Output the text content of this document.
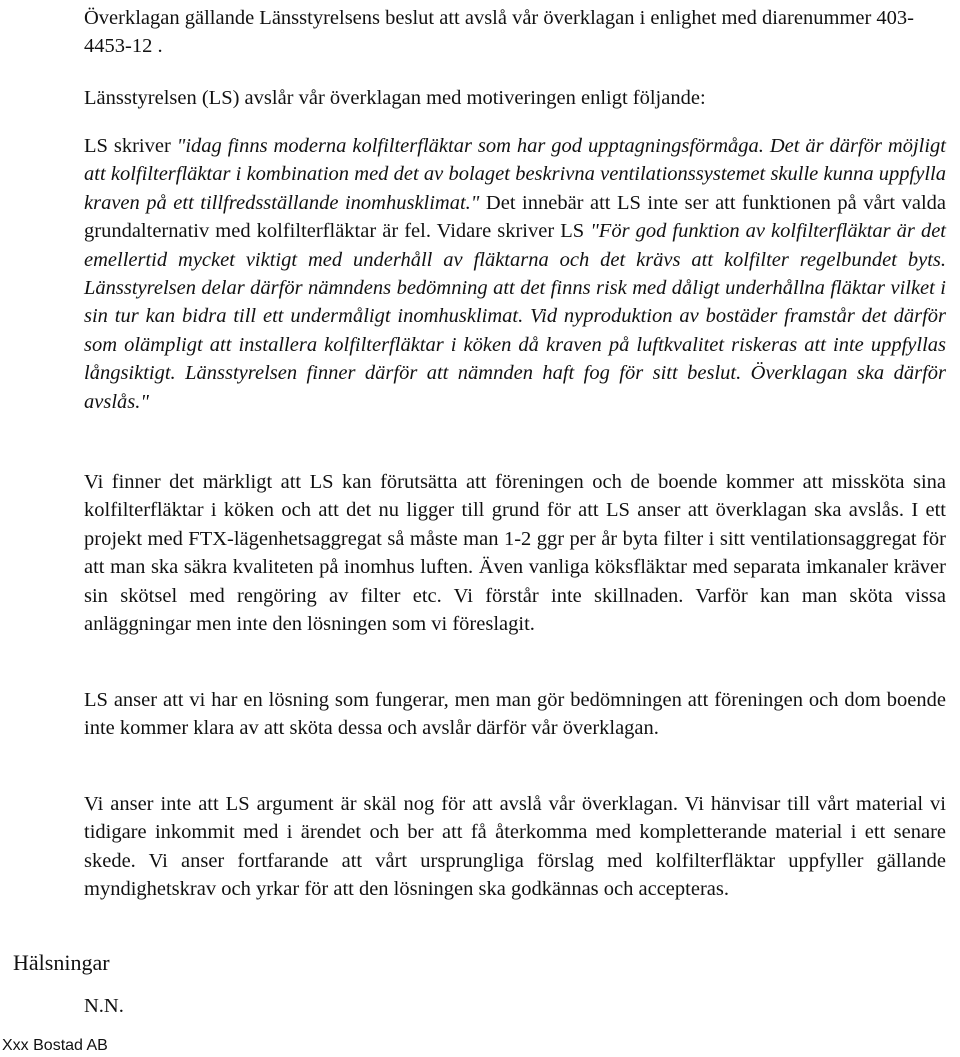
Överklagan gällande Länsstyrelsens beslut att avslå vår överklagan i enlighet med diarenummer 403-4453-12 .

Länsstyrelsen (LS) avslår vår överklagan med motiveringen enligt följande:

LS skriver "idag finns moderna kolfilterfläktar som har god upptagningsförmåga. Det är därför möjligt att kolfilterfläktar i kombination med det av bolaget beskrivna ventilationssystemet skulle kunna uppfylla kraven på ett tillfredsställande inomhusklimat." Det innebär att LS inte ser att funktionen på vårt valda grundalternativ med kolfilterfläktar är fel. Vidare skriver LS "För god funktion av kolfilterfläktar är det emellertid mycket viktigt med underhåll av fläktarna och det krävs att kolfilter regelbundet byts. Länsstyrelsen delar därför nämndens bedömning att det finns risk med dåligt underhållna fläktar vilket i sin tur kan bidra till ett undermåligt inomhusklimat. Vid nyproduktion av bostäder framstår det därför som olämpligt att installera kolfilterfläktar i köken då kraven på luftkvalitet riskeras att inte uppfyllas långsiktigt. Länsstyrelsen finner därför att nämnden haft fog för sitt beslut. Överklagan ska därför avslås."

Vi finner det märkligt att LS kan förutsätta att föreningen och de boende kommer att missköta sina kolfilterfläktar i köken och att det nu ligger till grund för att LS anser att överklagan ska avslås. I ett projekt med FTX-lägenhetsaggregat så måste man 1-2 ggr per år byta filter i sitt ventilationsaggregat för att man ska säkra kvaliteten på inomhus luften. Även vanliga köksfläktar med separata imkanaler kräver sin skötsel med rengöring av filter etc. Vi förstår inte skillnaden. Varför kan man sköta vissa anläggningar men inte den lösningen som vi föreslagit.

LS anser att vi har en lösning som fungerar, men man gör bedömningen att föreningen och dom boende inte kommer klara av att sköta dessa och avslår därför vår överklagan.

Vi anser inte att LS argument är skäl nog för att avslå vår överklagan. Vi hänvisar till vårt material vi tidigare inkommit med i ärendet och ber att få återkomma med kompletterande material i ett senare skede. Vi anser fortfarande att vårt ursprungliga förslag med kolfilterfläktar uppfyller gällande myndighetskrav och yrkar för att den lösningen ska godkännas och accepteras.

Hälsningar

N.N.

Xxx Bostad AB
